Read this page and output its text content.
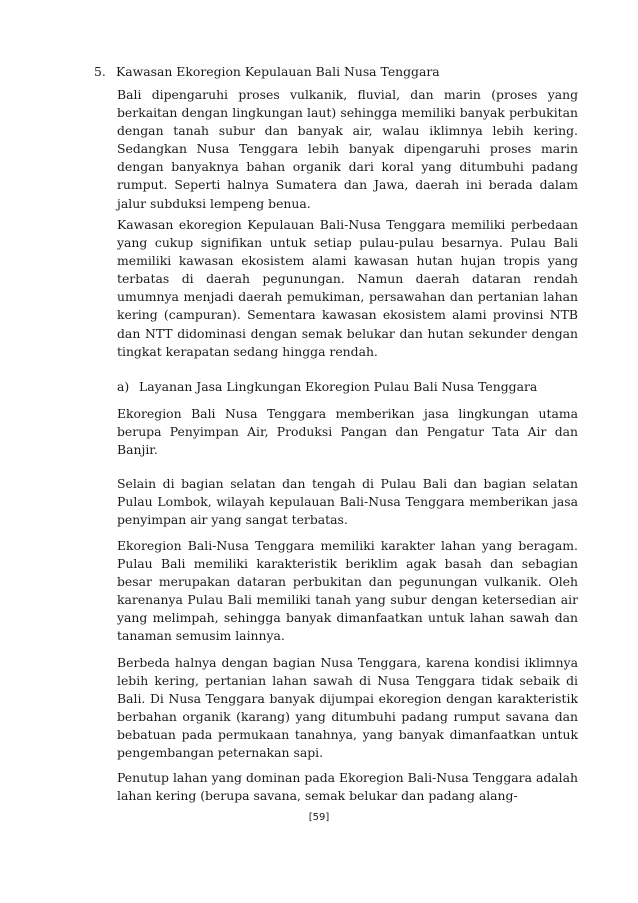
5. Kawasan Ekoregion Kepulauan Bali Nusa Tenggara

Bali dipengaruhi proses vulkanik, fluvial, dan marin (proses yang berkaitan dengan lingkungan laut) sehingga memiliki banyak perbukitan dengan tanah subur dan banyak air, walau iklimnya lebih kering. Sedangkan Nusa Tenggara lebih banyak dipengaruhi proses marin dengan banyaknya bahan organik dari koral yang ditumbuhi padang rumput. Seperti halnya Sumatera dan Jawa, daerah ini berada dalam jalur subduksi lempeng benua.

Kawasan ekoregion Kepulauan Bali-Nusa Tenggara memiliki perbedaan yang cukup signifikan untuk setiap pulau-pulau besarnya. Pulau Bali memiliki kawasan ekosistem alami kawasan hutan hujan tropis yang terbatas di daerah pegunungan. Namun daerah dataran rendah umumnya menjadi daerah pemukiman, persawahan dan pertanian lahan kering (campuran). Sementara kawasan ekosistem alami provinsi NTB dan NTT didominasi dengan semak belukar dan hutan sekunder dengan tingkat kerapatan sedang hingga rendah.

a) Layanan Jasa Lingkungan Ekoregion Pulau Bali Nusa Tenggara

Ekoregion Bali Nusa Tenggara memberikan jasa lingkungan utama berupa Penyimpan Air, Produksi Pangan dan Pengatur Tata Air dan Banjir.

Selain di bagian selatan dan tengah di Pulau Bali dan bagian selatan Pulau Lombok, wilayah kepulauan Bali-Nusa Tenggara memberikan jasa penyimpan air yang sangat terbatas.

Ekoregion Bali-Nusa Tenggara memiliki karakter lahan yang beragam. Pulau Bali memiliki karakteristik beriklim agak basah dan sebagian besar merupakan dataran perbukitan dan pegunungan vulkanik. Oleh karenanya Pulau Bali memiliki tanah yang subur dengan ketersedian air yang melimpah, sehingga banyak dimanfaatkan untuk lahan sawah dan tanaman semusim lainnya.

Berbeda halnya dengan bagian Nusa Tenggara, karena kondisi iklimnya lebih kering, pertanian lahan sawah di Nusa Tenggara tidak sebaik di Bali. Di Nusa Tenggara banyak dijumpai ekoregion dengan karakteristik berbahan organik (karang) yang ditumbuhi padang rumput savana dan bebatuan pada permukaan tanahnya, yang banyak dimanfaatkan untuk pengembangan peternakan sapi.

Penutup lahan yang dominan pada Ekoregion Bali-Nusa Tenggara adalah lahan kering (berupa savana, semak belukar dan padang alang-

[59]
